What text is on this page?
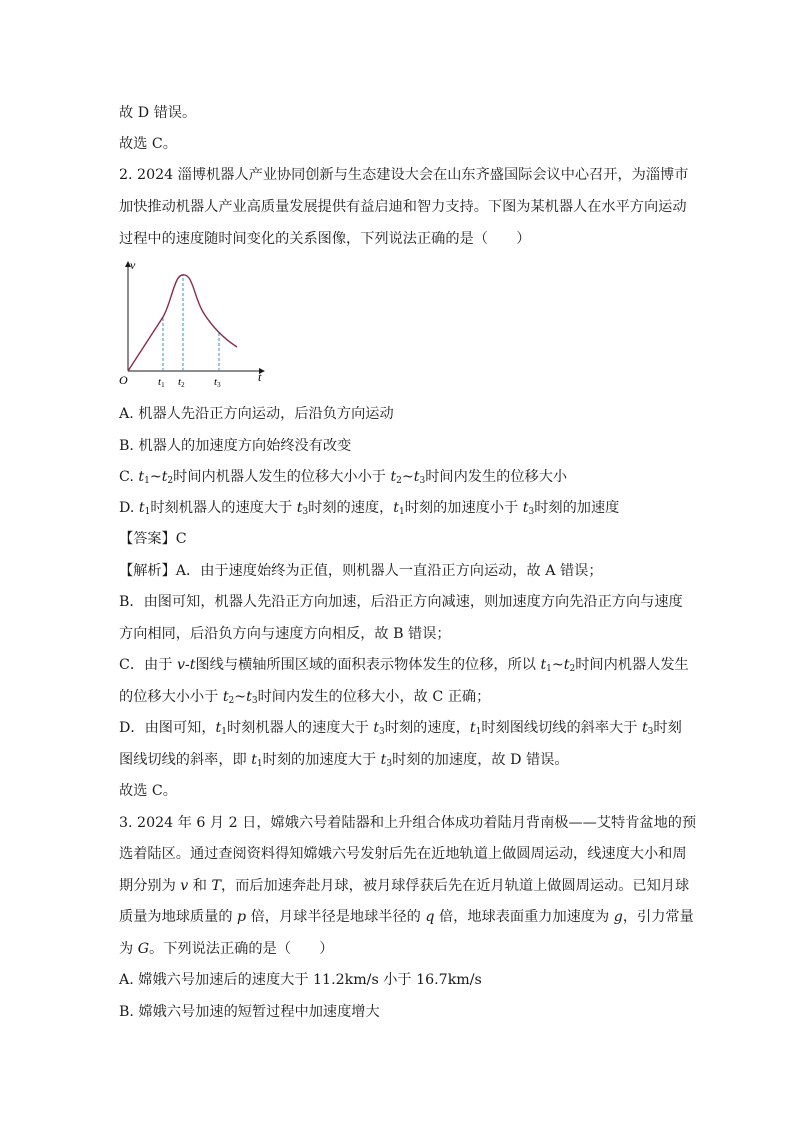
故 D 错误。
故选 C。
2. 2024 淄博机器人产业协同创新与生态建设大会在山东齐盛国际会议中心召开，为淄博市
加快推动机器人产业高质量发展提供有益启迪和智力支持。下图为某机器人在水平方向运动
过程中的速度随时间变化的关系图像，下列说法正确的是（　　）
v
t
O	t1 t2	t3
A. 机器人先沿正方向运动，后沿负方向运动
B. 机器人的加速度方向始终没有改变
C. $t_1\sim t_2$时间内机器人发生的位移大小小于 $t_2\sim t_3$时间内发生的位移大小
D. $t_1$时刻机器人的速度大于 $t_3$时刻的速度，$t_1$时刻的加速度小于 $t_3$时刻的加速度
【答案】C
【解析】A．由于速度始终为正值，则机器人一直沿正方向运动，故 A 错误；
B．由图可知，机器人先沿正方向加速，后沿正方向减速，则加速度方向先沿正方向与速度
方向相同，后沿负方向与速度方向相反，故 B 错误；
C．由于 v-t图线与横轴所围区域的面积表示物体发生的位移，所以 $t_1\sim t_2$时间内机器人发生
的位移大小小于 $t_2\sim t_3$时间内发生的位移大小，故 C 正确；
D．由图可知，$t_1$时刻机器人的速度大于 $t_3$时刻的速度，$t_1$时刻图线切线的斜率大于 $t_3$时刻
图线切线的斜率，即 $t_1$时刻的加速度大于 $t_3$时刻的加速度，故 D 错误。
故选 C。
3. 2024 年 6 月 2 日，嫦娥六号着陆器和上升组合体成功着陆月背南极——艾特肯盆地的预
选着陆区。通过查阅资料得知嫦娥六号发射后先在近地轨道上做圆周运动，线速度大小和周
期分别为 v 和 T，而后加速奔赴月球，被月球俘获后先在近月轨道上做圆周运动。已知月球
质量为地球质量的 p 倍，月球半径是地球半径的 q 倍，地球表面重力加速度为 g，引力常量
为 G。下列说法正确的是（　　）
A. 嫦娥六号加速后的速度大于 11.2km/s 小于 16.7km/s
B. 嫦娥六号加速的短暂过程中加速度增大
